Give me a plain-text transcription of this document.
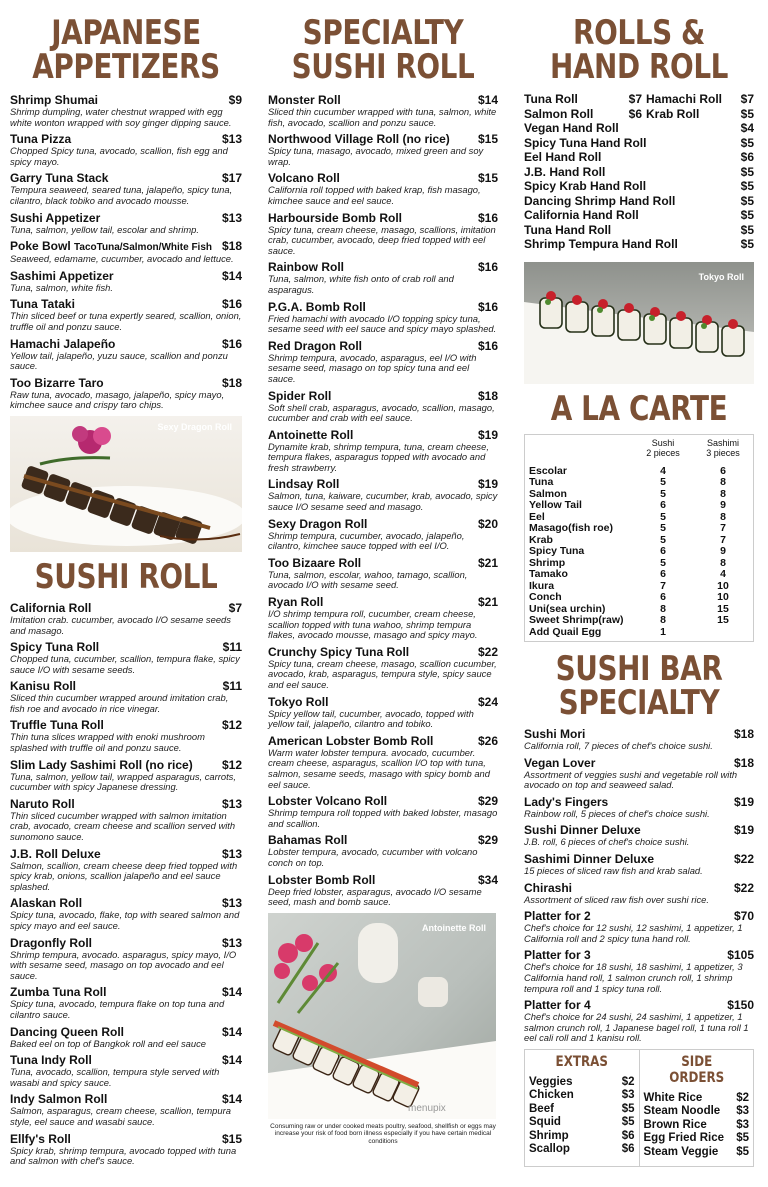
JAPANESE
APPETIZERS
Shrimp Shumai	$9
Shrimp dumpling, water chestnut wrapped with egg white wonton wrapped with soy ginger dipping sauce.
Tuna Pizza	$13
Chopped Spicy tuna, avocado, scallion, fish egg and spicy mayo.
Garry Tuna Stack	$17
Tempura seaweed, seared tuna, jalapeño, spicy tuna, cilantro, black tobiko and avocado mousse.
Sushi Appetizer	$13
Tuna, salmon, yellow tail, escolar and shrimp.
Poke Bowl TacoTuna/Salmon/White Fish $18
Seaweed, edamame, cucumber, avocado and lettuce.
Sashimi Appetizer	$14
Tuna, salmon, white fish.
Tuna Tataki	$16
Thin sliced beef or tuna expertly seared, scallion, onion, truffle oil and ponzu sauce.
Hamachi Jalapeño	$16
Yellow tail, jalapeño, yuzu sauce, scallion and ponzu sauce.
Too Bizarre Taro	$18
Raw tuna, avocado, masago, jalapeño, spicy mayo, kimchee sauce and crispy taro chips.
Sexy Dragon Roll
SUSHI ROLL
California Roll	$7
Imitation crab. cucumber, avocado I/O sesame seeds and masago.
Spicy Tuna Roll	$11
Chopped tuna, cucumber, scallion, tempura flake, spicy sauce I/O with sesame seeds.
Kanisu Roll	$11
Sliced thin cucumber wrapped around imitation crab, fish roe and avocado in rice vinegar.
Truffle Tuna Roll	$12
Thin tuna slices wrapped with enoki mushroom splashed with truffle oil and ponzu sauce.
Slim Lady Sashimi Roll (no rice) $12
Tuna, salmon, yellow tail, wrapped asparagus, carrots, cucumber with spicy Japanese dressing.
Naruto Roll	$13
Thin sliced cucumber wrapped with salmon imitation crab, avocado, cream cheese and scallion served with sunomono sauce.
J.B. Roll Deluxe	$13
Salmon, scallion, cream cheese deep fried topped with spicy krab, onions, scallion jalapeño and eel sauce splashed.
Alaskan Roll	$13
Spicy tuna, avocado, flake, top with seared salmon and spicy mayo and eel sauce.
Dragonfly Roll	$13
Shrimp tempura, avocado. asparagus, spicy mayo, I/O with sesame seed, masago on top avocado and eel sauce.
Zumba Tuna Roll	$14
Spicy tuna, avocado, tempura flake on top tuna and cilantro sauce.
Dancing Queen Roll	$14
Baked eel on top of Bangkok roll and eel sauce
Tuna Indy Roll	$14
Tuna, avocado, scallion, tempura style served with wasabi and spicy sauce.
Indy Salmon Roll	$14
Salmon, asparagus, cream cheese, scallion, tempura style, eel sauce and wasabi sauce.
Ellfy's Roll	$15
Spicy krab, shrimp tempura, avocado topped with tuna and salmon with chef's sauce.
SPECIALTY
SUSHI ROLL
Monster Roll	$14
Sliced thin cucumber wrapped with tuna, salmon, white fish, avocado, scallion and ponzu sauce.
Northwood Village Roll (no rice) $15
Spicy tuna, masago, avocado, mixed green and soy wrap.
Volcano Roll	$15
California roll topped with baked krap, fish masago, kimchee sauce and eel sauce.
Harbourside Bomb Roll	$16
Spicy tuna, cream cheese, masago, scallions, imitation crab, cucumber, avocado, deep fried topped with eel sauce.
Rainbow Roll	$16
Tuna, salmon, white fish onto of crab roll and asparagus.
P.G.A. Bomb Roll	$16
Fried hamachi with avocado I/O topping spicy tuna, sesame seed with eel sauce and spicy mayo splashed.
Red Dragon Roll	$16
Shrimp tempura, avocado, asparagus, eel I/O with sesame seed, masago on top spicy tuna and eel sauce.
Spider Roll	$18
Soft shell crab, asparagus, avocado, scallion, masago, cucumber and crab with eel sauce.
Antoinette Roll	$19
Dynamite krab, shrimp tempura, tuna, cream cheese, tempura flakes, asparagus topped with avocado and fresh strawberry.
Lindsay Roll	$19
Salmon, tuna, kaiware, cucumber, krab, avocado, spicy sauce I/O sesame seed and masago.
Sexy Dragon Roll	$20
Shrimp tempura, cucumber, avocado, jalapeño, cilantro, kimchee sauce topped with eel I/O.
Too Bizaare Roll	$21
Tuna, salmon, escolar, wahoo, tamago, scallion, avocado I/O with sesame seed.
Ryan Roll	$21
I/O shrimp tempura roll, cucumber, cream cheese, scallion topped with tuna wahoo, shrimp tempura flakes, avocado mousse, masago and spicy mayo.
Crunchy Spicy Tuna Roll	$22
Spicy tuna, cream cheese, masago, scallion cucumber, avocado, krab, asparagus, tempura style, spicy sauce and eel sauce.
Tokyo Roll	$24
Spicy yellow tail, cucumber, avocado, topped with yellow tail, jalapeño, cilantro and tobiko.
American Lobster Bomb Roll	$26
Warm water lobster tempura. avocado, cucumber. cream cheese, asparagus, scallion I/O top with tuna, salmon, sesame seeds, masago with spicy bomb and eel sauce.
Lobster Volcano Roll	$29
Shrimp tempura roll topped with baked lobster, masago and scallion.
Bahamas Roll	$29
Lobster tempura, avocado, cucumber with volcano conch on top.
Lobster Bomb Roll	$34
Deep fried lobster, asparagus, avocado I/O sesame seed, mash and bomb sauce.
menupix
Antoinette Roll
Consuming raw or under cooked meats poultry, seafood, shellfish or eggs may increase your risk of food born illness especially if you have certain medical conditions
ROLLS &
HAND ROLL
Tuna Roll	$7 Hamachi Roll	$7
Salmon Roll	$6 Krab Roll	$5
Vegan Hand Roll	$4
Spicy Tuna Hand Roll	$5
Eel Hand Roll	$6
J.B. Hand Roll	$5
Spicy Krab Hand Roll	$5
Dancing Shrimp Hand Roll	$5
California Hand Roll	$5
Tuna Hand Roll	$5
Shrimp Tempura Hand Roll	$5
Tokyo Roll
A LA CARTE
Sushi
2 pieces
Sashimi
3 pieces
Escolar	4	6
Tuna	5	8
Salmon	5	8
Yellow Tail	6	9
Eel	5	8
Masago(fish roe)	5	7
Krab	5	7
Spicy Tuna	6	9
Shrimp	5	8
Tamako	6	4
Ikura	7	10
Conch	6	10
Uni(sea urchin)	8	15
Sweet Shrimp(raw)	8	15
Add Quail Egg	1
SUSHI BAR
SPECIALTY
Sushi Mori	$18
California roll, 7 pieces of chef's choice sushi.
Vegan Lover	$18
Assortment of veggies sushi and vegetable roll with avocado on top and seaweed salad.
Lady's Fingers	$19
Rainbow roll, 5 pieces of chef's choice sushi.
Sushi Dinner Deluxe	$19
J.B. roll, 6 pieces of chef's choice sushi.
Sashimi Dinner Deluxe	$22
15 pieces of sliced raw fish and krab salad.
Chirashi	$22
Assortment of sliced raw fish over sushi rice.
Platter for 2	$70
Chef's choice for 12 sushi, 12 sashimi, 1 appetizer, 1 California roll and 2 spicy tuna hand roll.
Platter for 3	$105
Chef's choice for 18 sushi, 18 sashimi, 1 appetizer, 3 California hand roll, 1 salmon crunch roll, 1 shrimp tempura roll and 1 spicy tuna roll.
Platter for 4	$150
Chef's choice for 24 sushi, 24 sashimi, 1 appetizer, 1 salmon crunch roll, 1 Japanese bagel roll, 1 tuna roll 1 eel cali roll and 1 kanisu roll.
EXTRAS
Veggies	$2
Chicken	$3
Beef	$5
Squid	$5
Shrimp	$6
Scallop	$6
SIDE ORDERS
White Rice	$2
Steam Noodle $3
Brown Rice	$3
Egg Fried Rice $5
Steam Veggie $5
